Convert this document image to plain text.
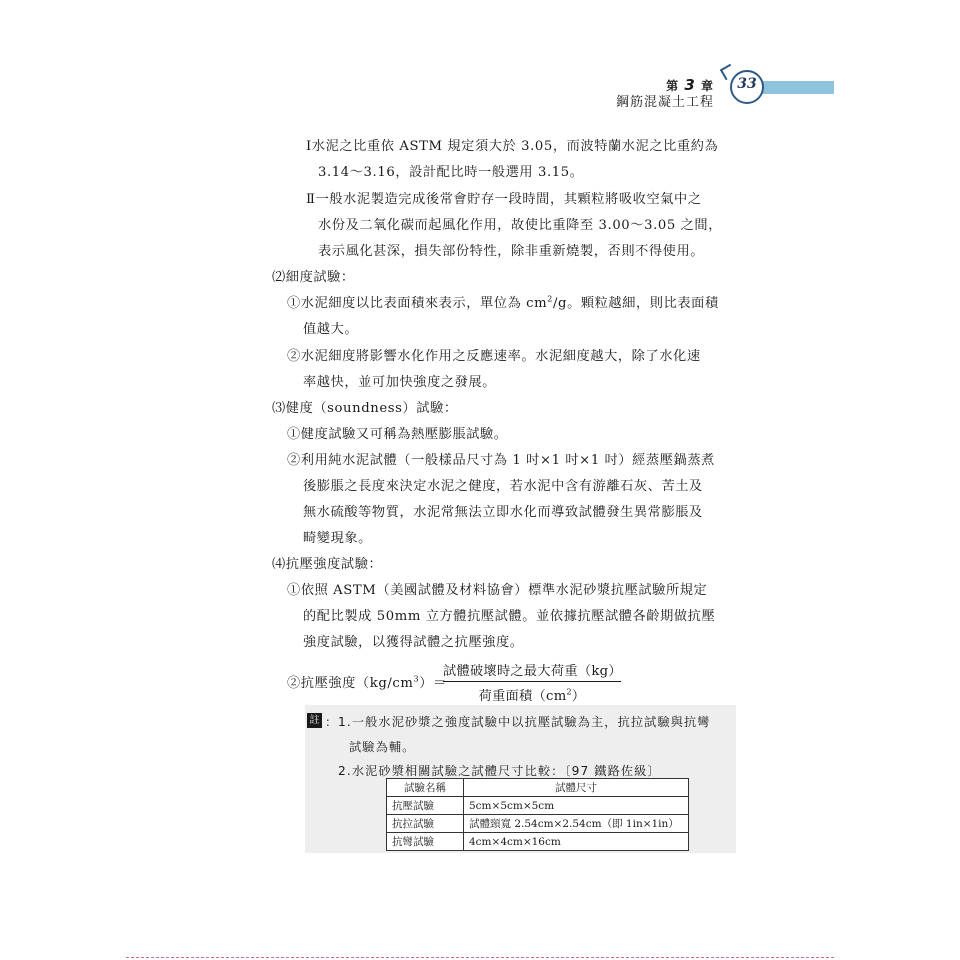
第 3 章
鋼筋混凝土工程
33
Ⅰ水泥之比重依 ASTM 規定須大於 3.05，而波特蘭水泥之比重約為
3.14～3.16，設計配比時一般選用 3.15。
Ⅱ一般水泥製造完成後常會貯存一段時間，其顆粒將吸收空氣中之
水份及二氧化碳而起風化作用，故使比重降至 3.00～3.05 之間，
表示風化甚深，損失部份特性，除非重新燒製，否則不得使用。
⑵細度試驗：
①水泥細度以比表面積來表示，單位為 $cm^2/g$。顆粒越細，則比表面積
值越大。
②水泥細度將影響水化作用之反應速率。水泥細度越大，除了水化速
率越快，並可加快強度之發展。
⑶健度（soundness）試驗：
①健度試驗又可稱為熱壓膨脹試驗。
②利用純水泥試體（一般樣品尺寸為 1 吋×1 吋×1 吋）經蒸壓鍋蒸煮
後膨脹之長度來決定水泥之健度，若水泥中含有游離石灰、苦土及
無水硫酸等物質，水泥常無法立即水化而導致試體發生異常膨脹及
畸變現象。
⑷抗壓強度試驗：
①依照 ASTM（美國試體及材料協會）標準水泥砂漿抗壓試驗所規定
的配比製成 50mm 立方體抗壓試體。並依據抗壓試體各齡期做抗壓
強度試驗，以獲得試體之抗壓強度。
②抗壓強度$(kg/cm^3)=$
試體破壞時之最大荷重（kg）
荷重面積$(cm^2)$
註 ： 1.一般水泥砂漿之強度試驗中以抗壓試驗為主，抗拉試驗與抗彎
試驗為輔。
2.水泥砂漿相關試驗之試體尺寸比較：〔97 鐵路佐級〕
試驗名稱	試體尺寸
抗壓試驗	5cm×5cm×5cm
抗拉試驗	試體頸寬 2.54cm×2.54cm（即 1in×1in）
抗彎試驗	4cm×4cm×16cm
